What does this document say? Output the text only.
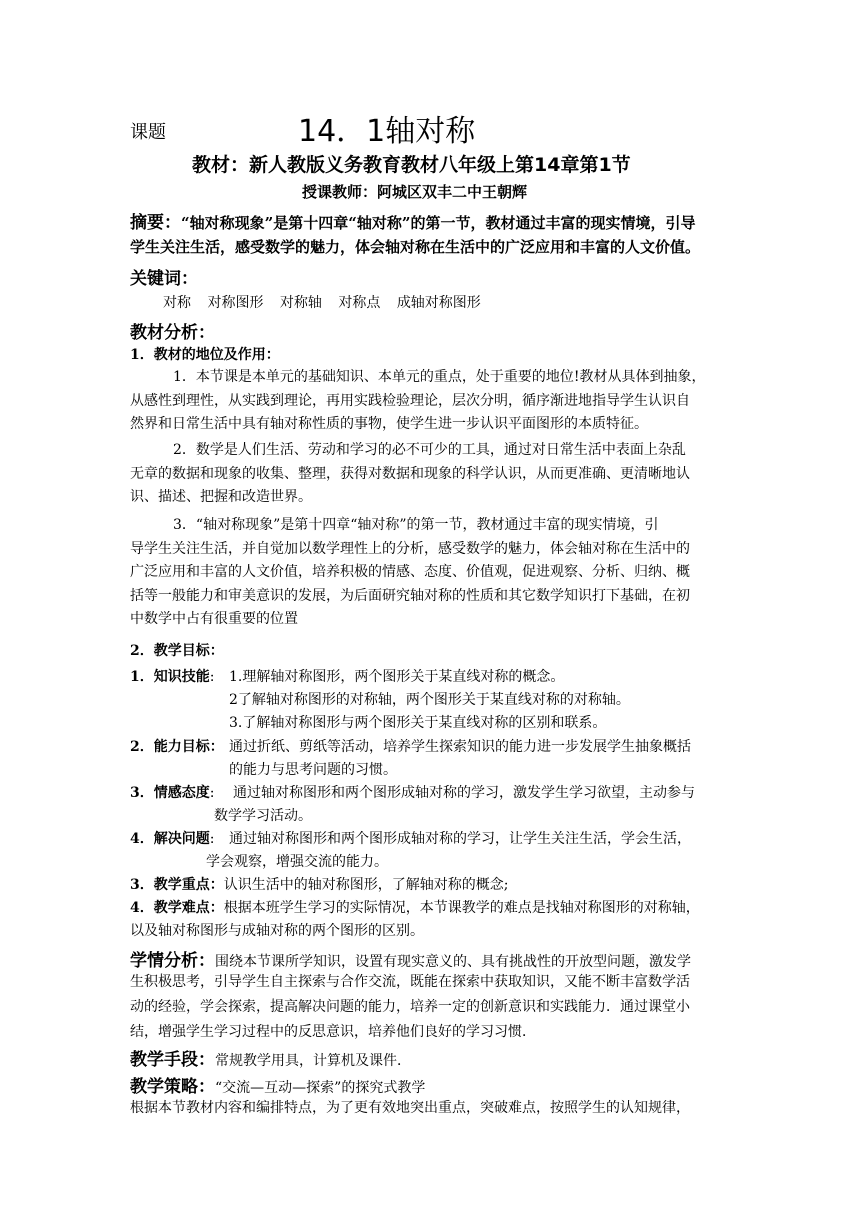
课题	14．1轴对称
教材：新人教版义务教育教材八年级上第14章第1节
授课教师：阿城区双丰二中王朝辉
摘要：“轴对称现象”是第十四章“轴对称”的第一节，教材通过丰富的现实情境，引导
学生关注生活，感受数学的魅力，体会轴对称在生活中的广泛应用和丰富的人文价值。
关键词：
对称 对称图形 对称轴 对称点 成轴对称图形
教材分析：
1．教材的地位及作用：
1．本节课是本单元的基础知识、本单元的重点，处于重要的地位!教材从具体到抽象，
从感性到理性，从实践到理论，再用实践检验理论，层次分明，循序渐进地指导学生认识自
然界和日常生活中具有轴对称性质的事物，使学生进一步认识平面图形的本质特征。
2．数学是人们生活、劳动和学习的必不可少的工具，通过对日常生活中表面上杂乱
无章的数据和现象的收集、整理，获得对数据和现象的科学认识，从而更准确、更清晰地认
识、描述、把握和改造世界。
3．“轴对称现象”是第十四章“轴对称”的第一节，教材通过丰富的现实情境，引
导学生关注生活，并自觉加以数学理性上的分析，感受数学的魅力，体会轴对称在生活中的
广泛应用和丰富的人文价值，培养积极的情感、态度、价值观，促进观察、分析、归纳、概
括等一般能力和审美意识的发展，为后面研究轴对称的性质和其它数学知识打下基础，在初
中数学中占有很重要的位置
2．教学目标：
1．知识技能: 1.理解轴对称图形，两个图形关于某直线对称的概念。
2了解轴对称图形的对称轴，两个图形关于某直线对称的对称轴。
3.了解轴对称图形与两个图形关于某直线对称的区别和联系。
2．能力目标： 通过折纸、剪纸等活动，培养学生探索知识的能力进一步发展学生抽象概括
的能力与思考问题的习惯。
3．情感态度: 通过轴对称图形和两个图形成轴对称的学习，激发学生学习欲望，主动参与
数学学习活动。
4．解决问题: 通过轴对称图形和两个图形成轴对称的学习，让学生关注生活，学会生活，
学会观察，增强交流的能力。
3．教学重点：认识生活中的轴对称图形，了解轴对称的概念;
4．教学难点：根据本班学生学习的实际情况，本节课教学的难点是找轴对称图形的对称轴，
以及轴对称图形与成轴对称的两个图形的区别。
学情分析：围绕本节课所学知识，设置有现实意义的、具有挑战性的开放型问题，激发学
生积极思考，引导学生自主探索与合作交流，既能在探索中获取知识，又能不断丰富数学活
动的经验，学会探索，提高解决问题的能力，培养一定的创新意识和实践能力．通过课堂小
结，增强学生学习过程中的反思意识，培养他们良好的学习习惯．
教学手段：常规教学用具，计算机及课件．
教学策略：“交流—互动—探索”的探究式教学
根据本节教材内容和编排特点，为了更有效地突出重点，突破难点，按照学生的认知规律，
